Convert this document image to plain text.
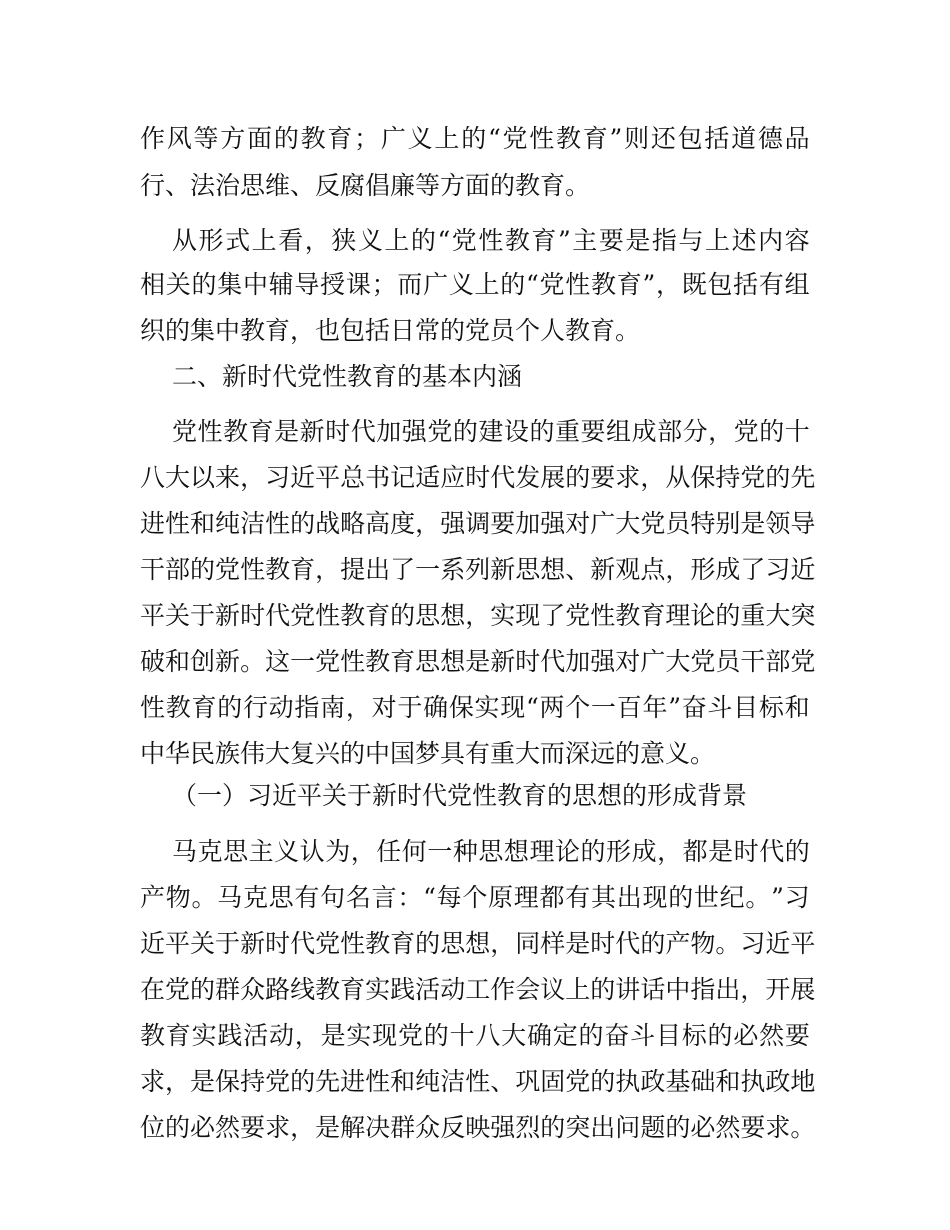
作 风 等 方 面 的 教 育 ； 广 义 上 的 “ 党 性 教 育 ” 则 还 包 括 道 德 品
行、法治思维、反腐倡廉等方面的教育。
从 形 式 上 看 ， 狭 义 上 的 “ 党 性 教 育 ” 主 要 是 指 与 上 述 内 容
相 关 的 集 中 辅 导 授 课 ； 而 广 义 上 的 “ 党 性 教 育 ” ， 既 包 括 有 组
织的集中教育，也包括日常的党员个人教育。
二、新时代党性教育的基本内涵
党 性 教 育 是 新 时 代 加 强 党 的 建 设 的 重 要 组 成 部 分 ， 党 的 十
八 大 以 来 ， 习 近 平 总 书 记 适 应 时 代 发 展 的 要 求 ， 从 保 持 党 的 先
进 性 和 纯 洁 性 的 战 略 高 度 ， 强 调 要 加 强 对 广 大 党 员 特 别 是 领 导
干 部 的 党 性 教 育 ， 提 出 了 一 系 列 新 思 想 、 新 观 点 ， 形 成 了 习 近
平 关 于 新 时 代 党 性 教 育 的 思 想 ， 实 现 了 党 性 教 育 理 论 的 重 大 突
破 和 创 新 。 这 一 党 性 教 育 思 想 是 新 时 代 加 强 对 广 大 党 员 干 部 党
性 教 育 的 行 动 指 南 ， 对 于 确 保 实 现 “ 两 个 一 百 年 ” 奋 斗 目 标 和
中华民族伟大复兴的中国梦具有重大而深远的意义。
（一）习近平关于新时代党性教育的思想的形成背景
马 克 思 主 义 认 为 ， 任 何 一 种 思 想 理 论 的 形 成 ， 都 是 时 代 的
产 物 。 马 克 思 有 句 名 言 ： “ 每 个 原 理 都 有 其 出 现 的 世 纪 。 ” 习
近 平 关 于 新 时 代 党 性 教 育 的 思 想 ， 同 样 是 时 代 的 产 物 。 习 近 平
在 党 的 群 众 路 线 教 育 实 践 活 动 工 作 会 议 上 的 讲 话 中 指 出 ， 开 展
教 育 实 践 活 动 ， 是 实 现 党 的 十 八 大 确 定 的 奋 斗 目 标 的 必 然 要
求 ， 是 保 持 党 的 先 进 性 和 纯 洁 性 、 巩 固 党 的 执 政 基 础 和 执 政 地
位 的 必 然 要 求 ， 是 解 决 群 众 反 映 强 烈 的 突 出 问 题 的 必 然 要 求 。
